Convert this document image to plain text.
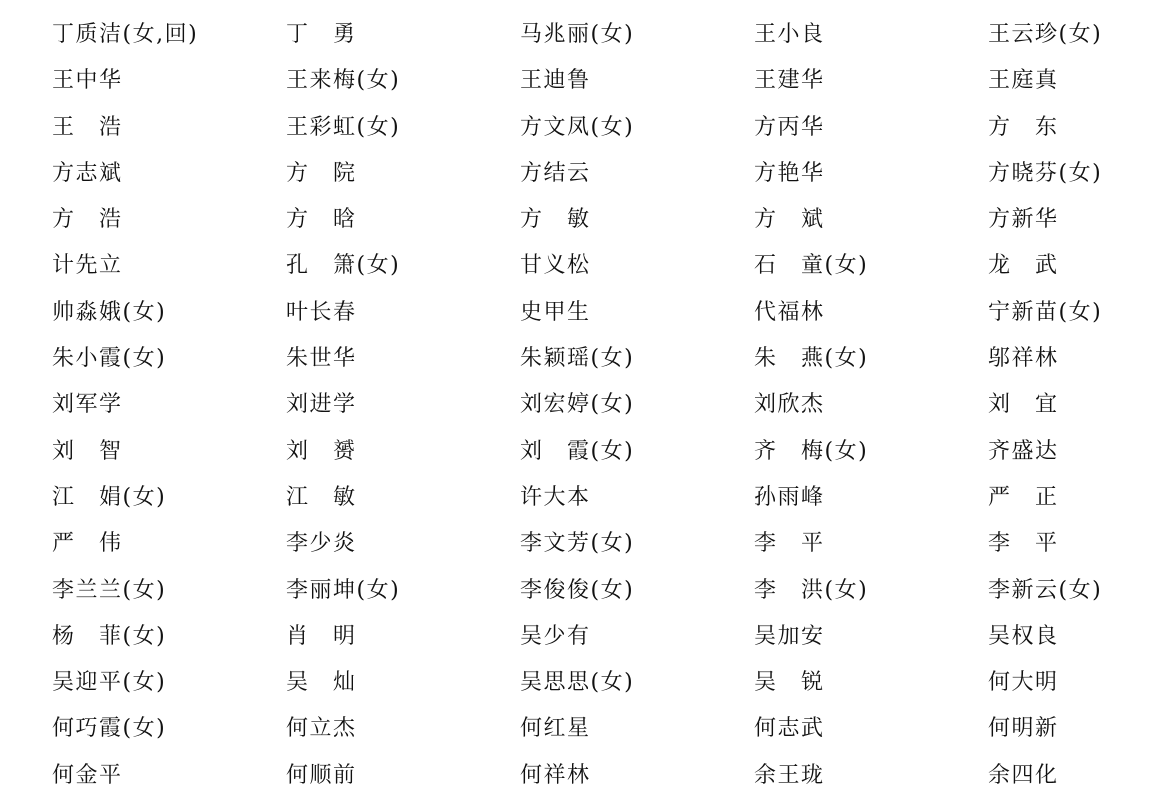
丁质洁(女,回)	丁　勇	马兆丽(女)	王小良	王云珍(女)
王中华	王来梅(女)	王迪鲁	王建华	王庭真
王　浩	王彩虹(女)	方文凤(女)	方丙华	方　东
方志斌	方　院	方结云	方艳华	方晓芬(女)
方　浩	方　晗	方　敏	方　斌	方新华
计先立	孔　箫(女)	甘义松	石　童(女)	龙　武
帅淼娥(女)	叶长春	史甲生	代福林	宁新苗(女)
朱小霞(女)	朱世华	朱颖瑶(女)	朱　燕(女)	邬祥林
刘军学	刘进学	刘宏婷(女)	刘欣杰	刘　宜
刘　智	刘　赟	刘　霞(女)	齐　梅(女)	齐盛达
江　娟(女)	江　敏	许大本	孙雨峰	严　正
严　伟	李少炎	李文芳(女)	李　平	李　平
李兰兰(女)	李丽坤(女)	李俊俊(女)	李　洪(女)	李新云(女)
杨　菲(女)	肖　明	吴少有	吴加安	吴权良
吴迎平(女)	吴　灿	吴思思(女)	吴　锐	何大明
何巧霞(女)	何立杰	何红星	何志武	何明新
何金平	何顺前	何祥林	余王珑	余四化
